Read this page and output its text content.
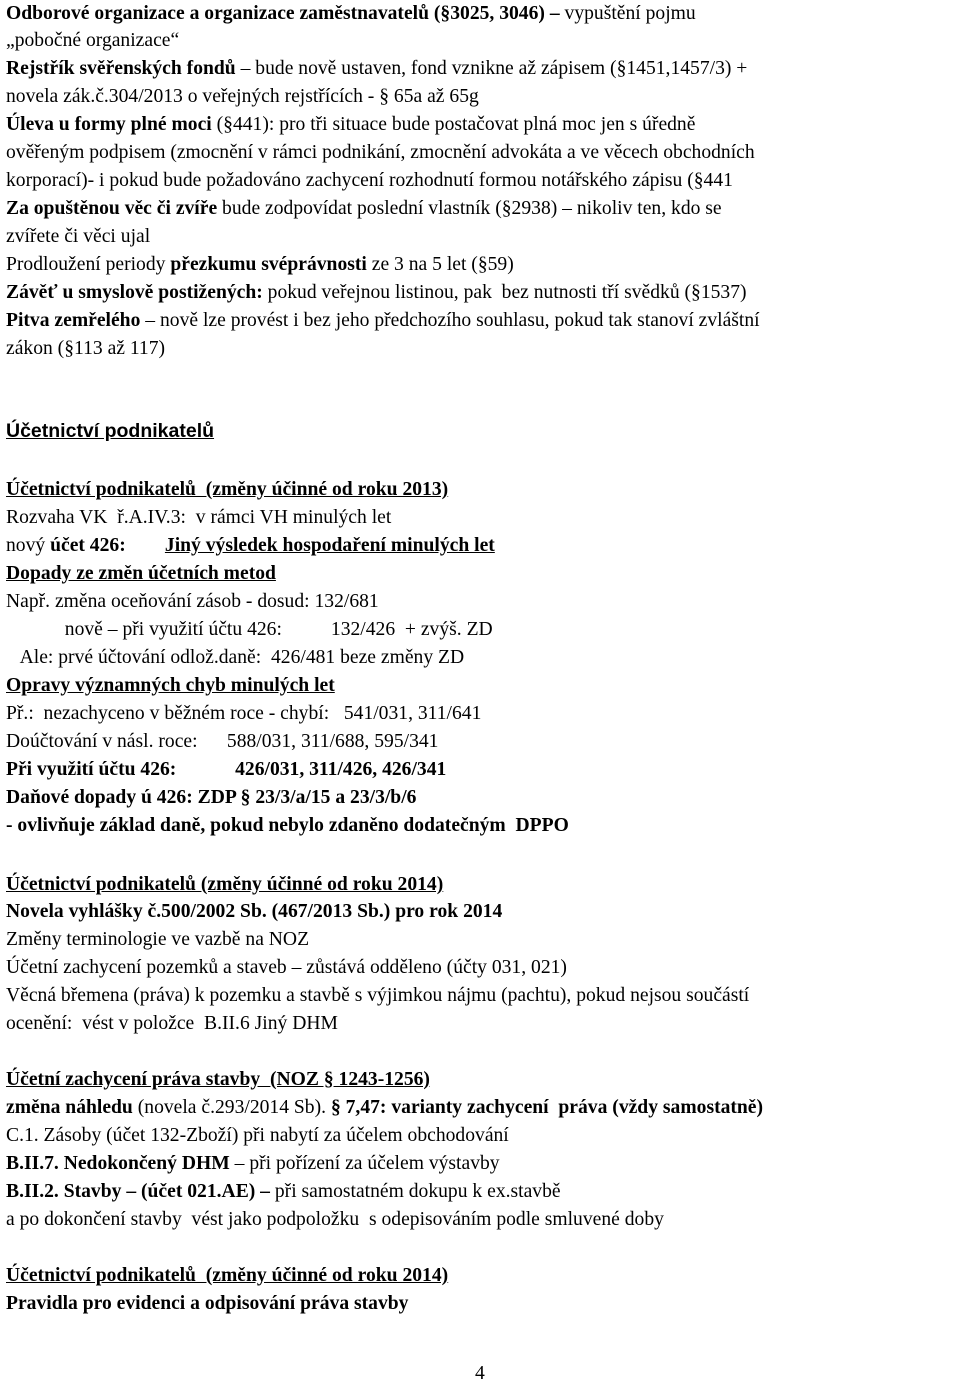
Odborové organizace a organizace zaměstnavatelů (§3025, 3046) – vypuštění pojmu
„pobočné organizace“
Rejstřík svěřenských fondů – bude nově ustaven, fond vznikne až zápisem (§1451,1457/3) +
novela zák.č.304/2013 o veřejných rejstřících - § 65a až 65g
Úleva u formy plné moci (§441): pro tři situace bude postačovat plná moc jen s úředně
ověřeným podpisem (zmocnění v rámci podnikání, zmocnění advokáta a ve věcech obchodních
korporací)- i pokud bude požadováno zachycení rozhodnutí formou notářského zápisu (§441
Za opuštěnou věc či zvíře bude zodpovídat poslední vlastník (§2938) – nikoliv ten, kdo se
zvířete či věci ujal
Prodloužení periody přezkumu svéprávnosti ze 3 na 5 let (§59)
Závěť u smyslově postižených: pokud veřejnou listinou, pak  bez nutnosti tří svědků (§1537)
Pitva zemřelého – nově lze provést i bez jeho předchozího souhlasu, pokud tak stanoví zvláštní
zákon (§113 až 117)
Účetnictví podnikatelů
Účetnictví podnikatelů  (změny účinné od roku 2013)
Rozvaha VK  ř.A.IV.3:  v rámci VH minulých let
nový účet 426: Jiný výsledek hospodaření minulých let
Dopady ze změn účetních metod
Např. změna oceňování zásob - dosud: 132/681
nově – při využití účtu 426:          132/426  + zvýš. ZD
Ale: prvé účtování odlož.daně:  426/481 beze změny ZD
Opravy významných chyb minulých let
Př.:  nezachyceno v běžném roce - chybí:   541/031, 311/641
Doúčtování v násl. roce:      588/031, 311/688, 595/341
Při využití účtu 426:            426/031, 311/426, 426/341
Daňové dopady ú 426: ZDP § 23/3/a/15 a 23/3/b/6
- ovlivňuje základ daně, pokud nebylo zdaněno dodatečným  DPPO
Účetnictví podnikatelů (změny účinné od roku 2014)
Novela vyhlášky č.500/2002 Sb. (467/2013 Sb.) pro rok 2014
Změny terminologie ve vazbě na NOZ
Účetní zachycení pozemků a staveb – zůstává odděleno (účty 031, 021)
Věcná břemena (práva) k pozemku a stavbě s výjimkou nájmu (pachtu), pokud nejsou součástí
ocenění:  vést v položce  B.II.6 Jiný DHM
Účetní zachycení práva stavby  (NOZ § 1243-1256)
změna náhledu (novela č.293/2014 Sb). § 7,47: varianty zachycení  práva (vždy samostatně)
C.1. Zásoby (účet 132-Zboží) při nabytí za účelem obchodování
B.II.7. Nedokončený DHM – při pořízení za účelem výstavby
B.II.2. Stavby – (účet 021.AE) – při samostatném dokupu k ex.stavbě
a po dokončení stavby  vést jako podpoložku  s odepisováním podle smluvené doby
Účetnictví podnikatelů  (změny účinné od roku 2014)
Pravidla pro evidenci a odpisování práva stavby
4
